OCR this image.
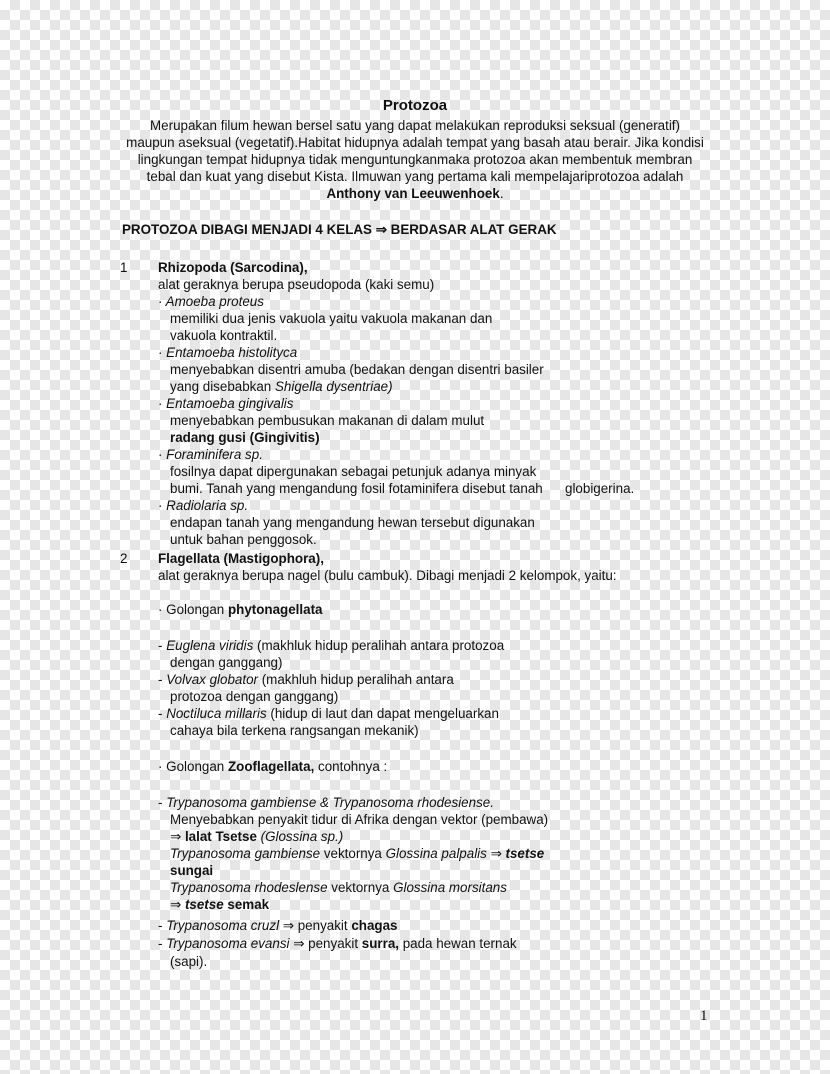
Protozoa
Merupakan filum hewan bersel satu yang dapat melakukan reproduksi seksual (generatif)
maupun aseksual (vegetatif).Habitat hidupnya adalah tempat yang basah atau berair. Jika kondisi
lingkungan tempat hidupnya tidak menguntungkanmaka protozoa akan membentuk membran
tebal dan kuat yang disebut Kista. Ilmuwan yang pertama kali mempelajariprotozoa adalah
Anthony van Leeuwenhoek.
PROTOZOA DIBAGI MENJADI 4 KELAS ⇒ BERDASAR ALAT GERAK
1 Rhizopoda (Sarcodina),
alat geraknya berupa pseudopoda (kaki semu)
· Amoeba proteus
memiliki dua jenis vakuola yaitu vakuola makanan dan
vakuola kontraktil.
· Entamoeba histolityca
menyebabkan disentri amuba (bedakan dengan disentri basiler
yang disebabkan Shigella dysentriae)
· Entamoeba gingivalis
menyebabkan pembusukan makanan di dalam mulut
radang gusi (Gingivitis)
· Foraminifera sp.
fosilnya dapat dipergunakan sebagai petunjuk adanya minyak
bumi. Tanah yang mengandung fosil fotaminifera disebut tanah globigerina.
· Radiolaria sp.
endapan tanah yang mengandung hewan tersebut digunakan
untuk bahan penggosok.
2 Flagellata (Mastigophora),
alat geraknya berupa nagel (bulu cambuk). Dibagi menjadi 2 kelompok, yaitu:
· Golongan phytonagellata
- Euglena viridis (makhluk hidup peralihah antara protozoa
dengan ganggang)
- Volvax globator (makhluh hidup peralihah antara
protozoa dengan ganggang)
- Noctiluca millaris (hidup di laut dan dapat mengeluarkan
cahaya bila terkena rangsangan mekanik)
· Golongan Zooflagellata, contohnya :
- Trypanosoma gambiense & Trypanosoma rhodesiense.
Menyebabkan penyakit tidur di Afrika dengan vektor (pembawa)
⇒ lalat Tsetse (Glossina sp.)
Trypanosoma gambiense vektornya Glossina palpalis ⇒ tsetse
sungai
Trypanosoma rhodeslense vektornya Glossina morsitans
⇒ tsetse semak
- Trypanosoma cruzl ⇒ penyakit chagas
- Trypanosoma evansi ⇒ penyakit surra, pada hewan ternak
(sapi).
1
